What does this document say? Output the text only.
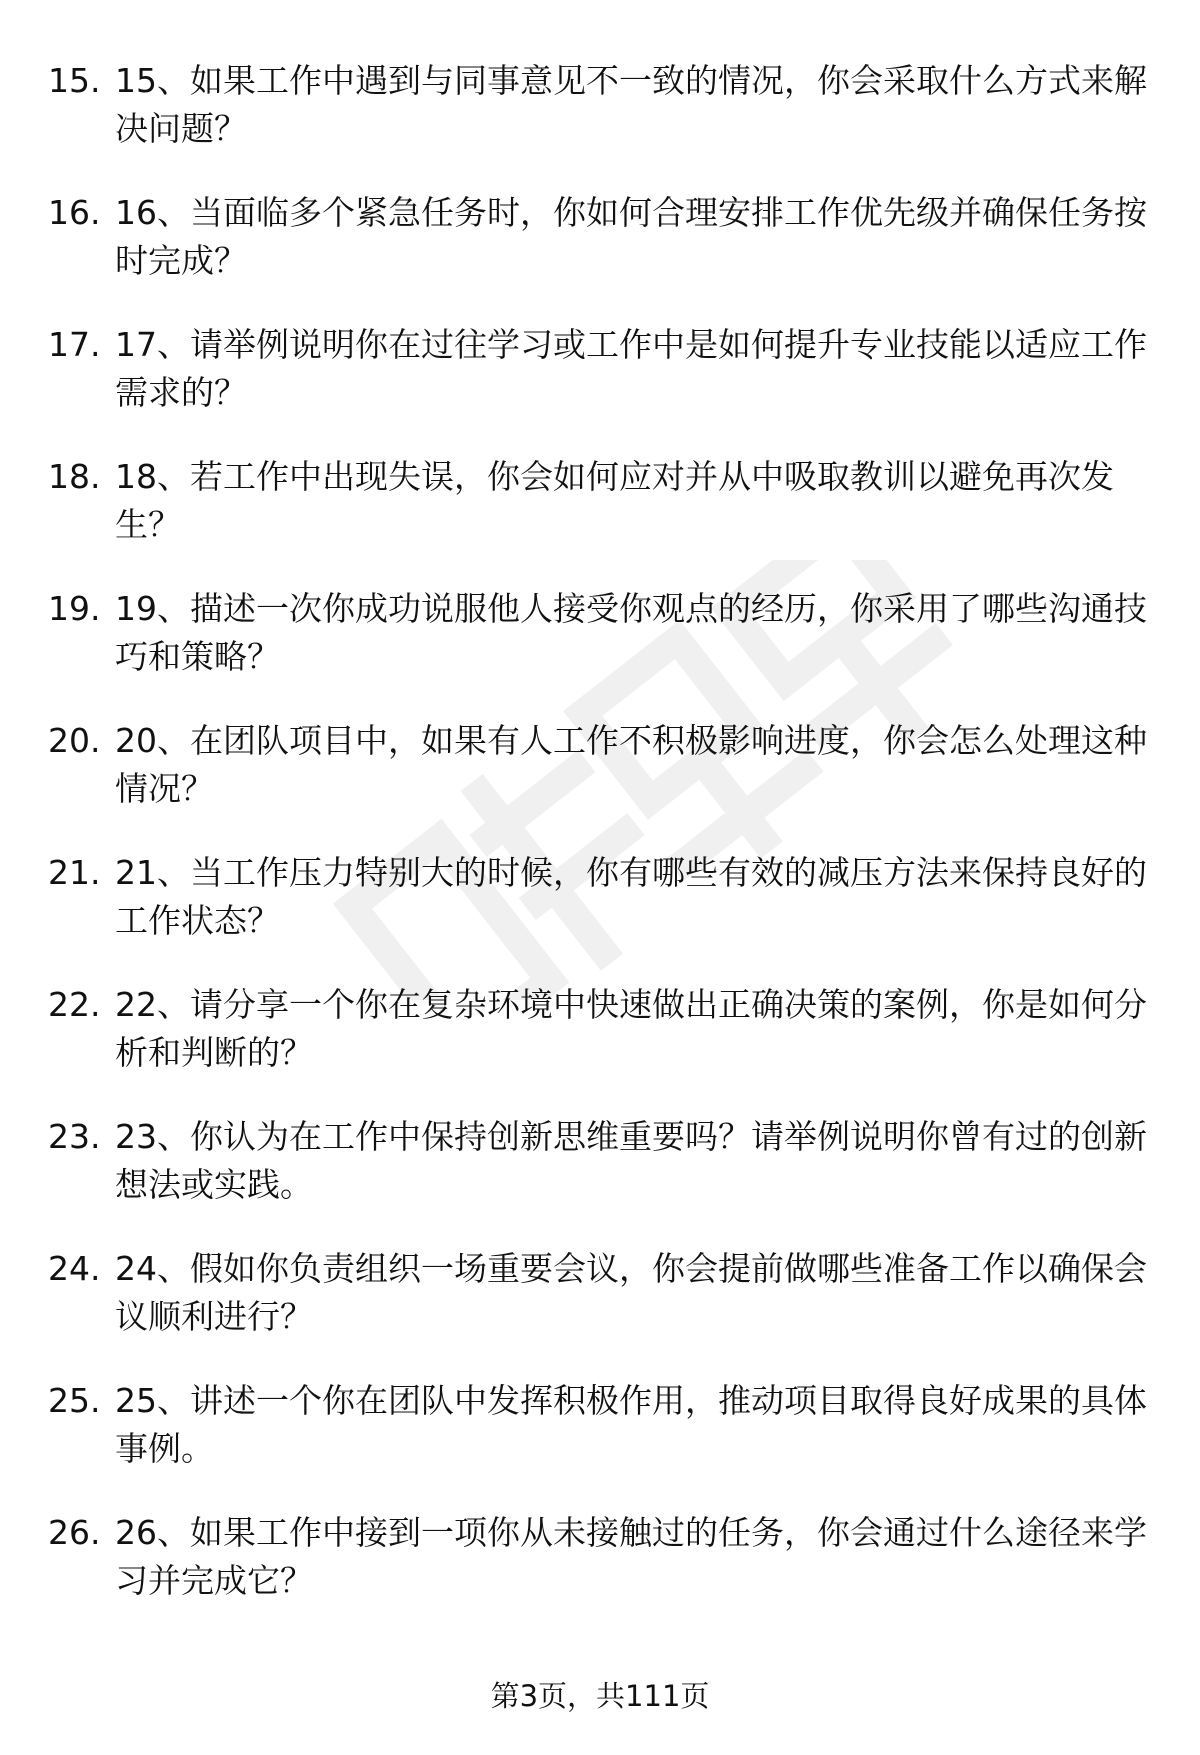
15. 15、如果工作中遇到与同事意见不一致的情况，你会采取什么方式来解决问题？
16. 16、当面临多个紧急任务时，你如何合理安排工作优先级并确保任务按时完成？
17. 17、请举例说明你在过往学习或工作中是如何提升专业技能以适应工作需求的？
18. 18、若工作中出现失误，你会如何应对并从中吸取教训以避免再次发生？
19. 19、描述一次你成功说服他人接受你观点的经历，你采用了哪些沟通技巧和策略？
20. 20、在团队项目中，如果有人工作不积极影响进度，你会怎么处理这种情况？
21. 21、当工作压力特别大的时候，你有哪些有效的减压方法来保持良好的工作状态？
22. 22、请分享一个你在复杂环境中快速做出正确决策的案例，你是如何分析和判断的？
23. 23、你认为在工作中保持创新思维重要吗？请举例说明你曾有过的创新想法或实践。
24. 24、假如你负责组织一场重要会议，你会提前做哪些准备工作以确保会议顺利进行？
25. 25、讲述一个你在团队中发挥积极作用，推动项目取得良好成果的具体事例。
26. 26、如果工作中接到一项你从未接触过的任务，你会通过什么途径来学习并完成它？
第3页，共111页
